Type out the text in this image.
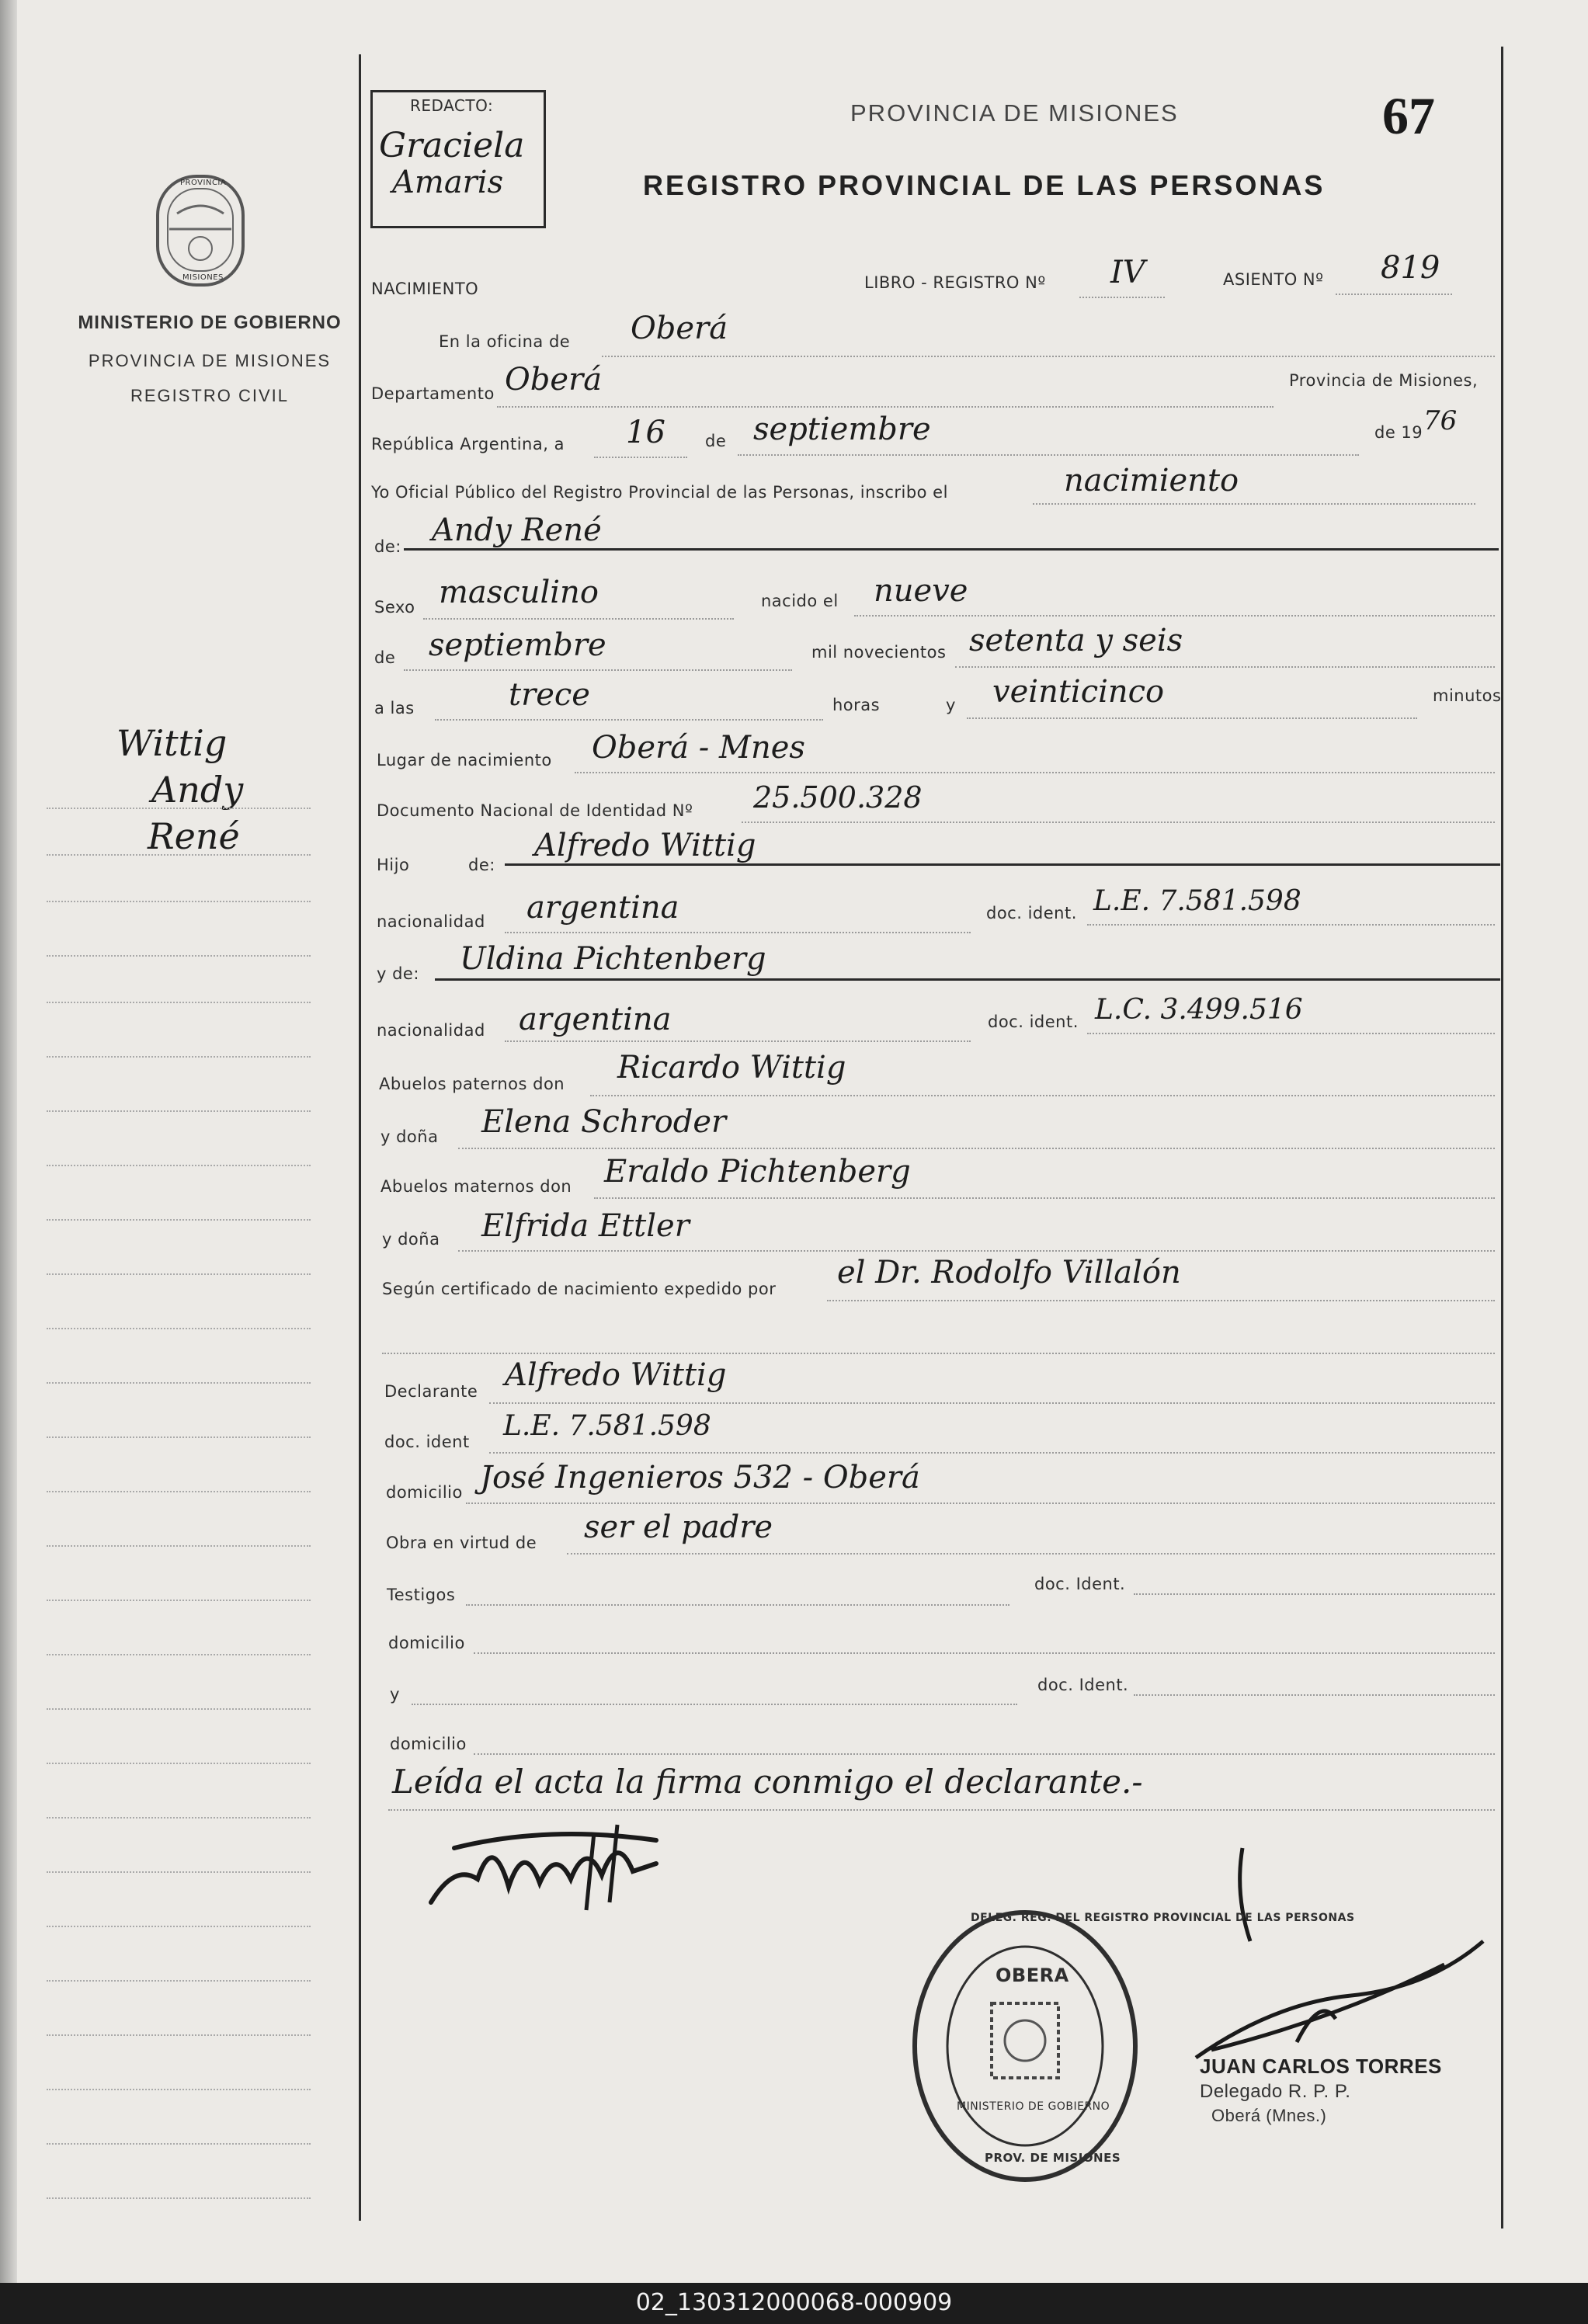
PROVINCIA
MISIONES
MINISTERIO DE GOBIERNO
PROVINCIA DE MISIONES
REGISTRO CIVIL
Wittig
Andy
René
REDACTO:
Graciela
Amaris
PROVINCIA DE MISIONES
REGISTRO PROVINCIAL DE LAS PERSONAS
67
NACIMIENTO	LIBRO - REGISTRO Nº IV	ASIENTO Nº 819
En la oficina de Oberá
Departamento Oberá	Provincia de Misiones,
República Argentina, a 16 de septiembre	de 19 76
Yo Oficial Público del Registro Provincial de las Personas, inscribo el	nacimiento
de: Andy René
Sexo masculino	nacido el nueve
de septiembre	mil novecientos setenta y seis
a las	trece	horas	y veinticinco	minutos
Lugar de nacimiento Oberá - Mnes
Documento Nacional de Identidad Nº 25.500.328
Hijo	de:
Alfredo Wittig
nacionalidad argentina	doc. ident. L.E. 7.581.598
y de: Uldina Pichtenberg
nacionalidad argentina	doc. ident. L.C. 3.499.516
Abuelos paternos don Ricardo Wittig
y doña Elena Schroder
Abuelos maternos don Eraldo Pichtenberg
y doña Elfrida Ettler
Según certificado de nacimiento expedido por el Dr. Rodolfo Villalón
Declarante Alfredo Wittig
doc. ident L.E. 7.581.598
domicilio José Ingenieros 532 - Oberá
Obra en virtud de ser el padre
Testigos
doc. Ident.
domicilio
y	doc. Ident.
domicilio
Leída el acta la firma conmigo el declarante.-
DELEG. REG. DEL REGISTRO PROVINCIAL DE LAS PERSONAS
OBERA
MINISTERIO DE GOBIERNO
PROV. DE MISIONES
JUAN CARLOS TORRES
Delegado R. P. P.
Oberá (Mnes.)
02_130312000068-000909
